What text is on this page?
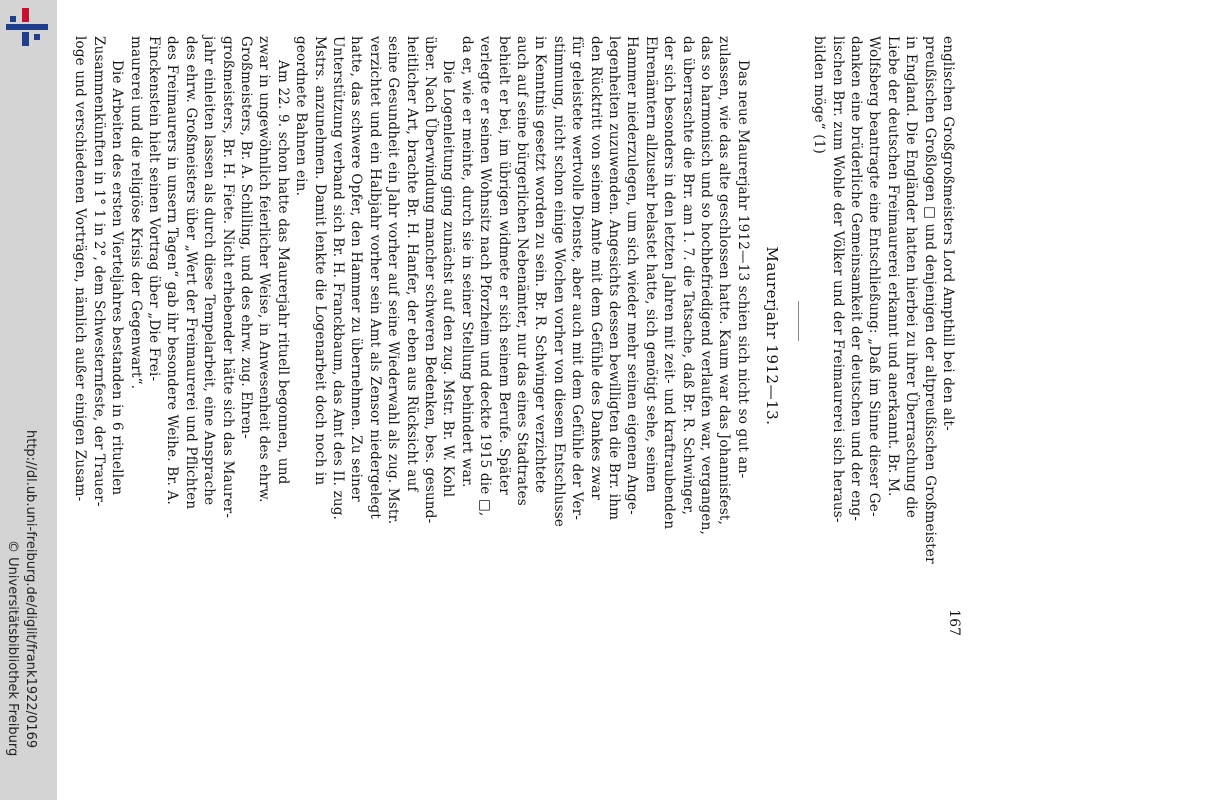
http://dl.ub.uni-freiburg.de/diglit/frank1922/0169
© Universitätsbibliothek Freiburg	167
englischen Großgroßmeisters Lord Ampthill bei den alt-
preußischen Großlogen □ und denjenigen der altpreußischen Großmeister
in England. Die Engländer hatten hierbei zu ihrer Überraschung die
Liebe der deutschen Freimaurerei erkannt und anerkannt. Br. M.
Wolfsberg beantragte eine Entschließung: „Daß im Sinne dieser Ge-
danken eine brüderliche Gemeinsamkeit der deutschen und der eng-
lischen Brr. zum Wohle der Völker und der Freimaurerei sich heraus-
bilden möge“ (1)
Maurerjahr 1912—13.
Das neue Maurerjahr 1912—13 schien sich nicht so gut an-
zulassen, wie das alte geschlossen hatte. Kaum war das Johannisfest,
das so harmonisch und so hochbefriedigend verlaufen war, vergangen,
da überraschte die Brr. am 1. 7. die Tatsache, daß Br. R. Schwinger,
der sich besonders in den letzten Jahren mit zeit- und kraftraubenden
Ehrenämtern allzusehr belastet hatte, sich genötigt sehe, seinen
Hammer niederzulegen, um sich wieder mehr seinen eigenen Ange-
legenheiten zuzuwenden. Angesichts dessen bewilligten die Brr. ihm
den Rücktritt von seinem Amte mit dem Gefühle des Dankes zwar
für geleistete wertvolle Dienste, aber auch mit dem Gefühle der Ver-
stimmung, nicht schon einige Wochen vorher von diesem Entschlusse
in Kenntnis gesetzt worden zu sein. Br. R. Schwinger verzichtete
auch auf seine bürgerlichen Nebenämter, nur das eines Stadtrates
behielt er bei, im übrigen widmete er sich seinem Berufe. Später
verlegte er seinen Wohnsitz nach Pforzheim und deckte 1915 die □,
da er, wie er meinte, durch sie in seiner Stellung behindert war.
Die Logenleitung ging zunächst auf den zug. Mstr. Br. W. Kohl
über. Nach Überwindung mancher schweren Bedenken, bes. gesund-
heitlicher Art, brachte Br. H. Hanfer, der eben aus Rücksicht auf
seine Gesundheit ein Jahr vorher auf seine Wiederwahl als zug. Mstr.
verzichtet und ein Halbjahr vorher sein Amt als Zensor niedergelegt
hatte, das schwere Opfer, den Hammer zu übernehmen. Zu seiner
Unterstützung verband sich Br. H. Franckbaum, das Amt des II. zug.
Mstrs. anzunehmen. Damit lenkte die Logenarbeit doch noch in
geordnete Bahnen ein.
Am 22. 9. schon hatte das Maurerjahr rituell begonnen, und
zwar in ungewöhnlich feierlicher Weise, in Anwesenheit des ehrw.
Großmeisters, Br. A. Schilling, und des ehrw. zug. Ehren-
großmeisters, Br. H. Fiete. Nicht erhebender hätte sich das Maurer-
jahr einleiten lassen als durch diese Tempelarbeit, eine Ansprache
des ehrw. Großmeisters über „Wert der Freimaurerei und Pflichten
des Freimaurers in unsern Tagen“ gab ihr besondere Weihe. Br. A.
Finckenstein hielt seinen Vortrag über „Die Frei-
maurerei und die religiöse Krisis der Gegenwart“.
Die Arbeiten des ersten Vierteljahres bestanden in 6 rituellen
Zusammenkünften in 1° 1 in 2°, dem Schwesternfeste, der Trauer-
loge und verschiedenen Vorträgen, nämlich außer einigen Zusam-
